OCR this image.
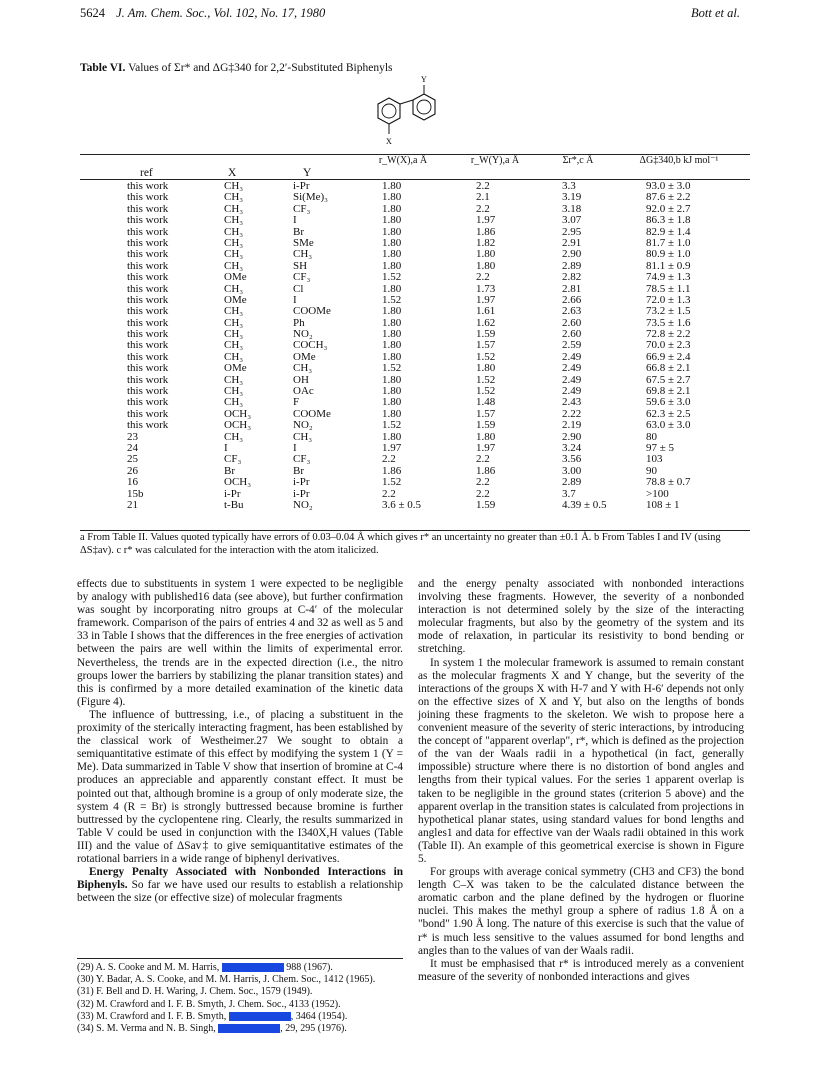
5624 J. Am. Chem. Soc., Vol. 102, No. 17, 1980	Bott et al.
Table VI. Values of Σr* and ΔG‡340 for 2,2′-Substituted Biphenyls
Y
X
ref	X	Y
r_W(X),a Å	r_W(Y),a Å	Σr*,c Å	ΔG‡340,b kJ mol⁻¹
this work	CH₃	i-Pr	1.80	2.2	3.3	93.0 ± 3.0
this work	CH₃	Si(Me)₃	1.80	2.1	3.19	87.6 ± 2.2
this work	CH₃	CF₃	1.80	2.2	3.18	92.0 ± 2.7
this work	CH₃	I	1.80	1.97	3.07	86.3 ± 1.8
this work	CH₃	Br	1.80	1.86	2.95	82.9 ± 1.4
this work	CH₃	SMe	1.80	1.82	2.91	81.7 ± 1.0
this work	CH₃	CH₃	1.80	1.80	2.90	80.9 ± 1.0
this work	CH₃	SH	1.80	1.80	2.89	81.1 ± 0.9
this work	OMe	CF₃	1.52	2.2	2.82	74.9 ± 1.3
this work	CH₃	Cl	1.80	1.73	2.81	78.5 ± 1.1
this work	OMe	I	1.52	1.97	2.66	72.0 ± 1.3
this work	CH₃	COOMe	1.80	1.61	2.63	73.2 ± 1.5
this work	CH₃	Ph	1.80	1.62	2.60	73.5 ± 1.6
this work	CH₃	NO₂	1.80	1.59	2.60	72.8 ± 2.2
this work	CH₃	COCH₃	1.80	1.57	2.59	70.0 ± 2.3
this work	CH₃	OMe	1.80	1.52	2.49	66.9 ± 2.4
this work	OMe	CH₃	1.52	1.80	2.49	66.8 ± 2.1
this work	CH₃	OH	1.80	1.52	2.49	67.5 ± 2.7
this work	CH₃	OAc	1.80	1.52	2.49	69.8 ± 2.1
this work	CH₃	F	1.80	1.48	2.43	59.6 ± 3.0
this work	OCH₃	COOMe	1.80	1.57	2.22	62.3 ± 2.5
this work	OCH₃	NO₂	1.52	1.59	2.19	63.0 ± 3.0
23	CH₃	CH₃	1.80	1.80	2.90	80
24	I	I	1.97	1.97	3.24	97 ± 5
25	CF₃	CF₃	2.2	2.2	3.56	103
26	Br	Br	1.86	1.86	3.00	90
16	OCH₃	i-Pr	1.52	2.2	2.89	78.8 ± 0.7
15b	i-Pr	i-Pr	2.2	2.2	3.7	>100
21	t-Bu	NO₂	3.6 ± 0.5	1.59	4.39 ± 0.5	108 ± 1
a From Table II. Values quoted typically have errors of 0.03–0.04 Å which gives r* an uncertainty no greater than ±0.1 Å. b From Tables I and IV (using ΔS‡av). c r* was calculated for the interaction with the atom italicized.

effects due to substituents in system 1 were expected to be negligible by analogy with published16 data (see above), but further confirmation was sought by incorporating nitro groups at C-4′ of the molecular framework. Comparison of the pairs of entries 4 and 32 as well as 5 and 33 in Table I shows that the differences in the free energies of activation between the pairs are well within the limits of experimental error. Nevertheless, the trends are in the expected direction (i.e., the nitro groups lower the barriers by stabilizing the planar transition states) and this is confirmed by a more detailed examination of the kinetic data (Figure 4).

The influence of buttressing, i.e., of placing a substituent in the proximity of the sterically interacting fragment, has been established by the classical work of Westheimer.27 We sought to obtain a semiquantitative estimate of this effect by modifying the system 1 (Y = Me). Data summarized in Table V show that insertion of bromine at C-4 produces an appreciable and apparently constant effect. It must be pointed out that, although bromine is a group of only moderate size, the system 4 (R = Br) is strongly buttressed because bromine is further buttressed by the cyclopentene ring. Clearly, the results summarized in Table V could be used in conjunction with the I340X,H values (Table III) and the value of ΔSav‡ to give semiquantitative estimates of the rotational barriers in a wide range of biphenyl derivatives.

Energy Penalty Associated with Nonbonded Interactions in Biphenyls. So far we have used our results to establish a relationship between the size (or effective size) of molecular fragments

(29) A. S. Cooke and M. M. Harris,	988 (1967).
(30) Y. Badar, A. S. Cooke, and M. M. Harris, J. Chem. Soc., 1412 (1965).
(31) F. Bell and D. H. Waring, J. Chem. Soc., 1579 (1949).
(32) M. Crawford and I. F. B. Smyth, J. Chem. Soc., 4133 (1952).
(33) M. Crawford and I. F. B. Smyth,	, 3464 (1954).
(34) S. M. Verma and N. B. Singh,	, 29, 295 (1976).

and the energy penalty associated with nonbonded interactions involving these fragments. However, the severity of a nonbonded interaction is not determined solely by the size of the interacting molecular fragments, but also by the geometry of the system and its mode of relaxation, in particular its resistivity to bond bending or stretching.

In system 1 the molecular framework is assumed to remain constant as the molecular fragments X and Y change, but the severity of the interactions of the groups X with H-7 and Y with H-6′ depends not only on the effective sizes of X and Y, but also on the lengths of bonds joining these fragments to the skeleton. We wish to propose here a convenient measure of the severity of steric interactions, by introducing the concept of "apparent overlap", r*, which is defined as the projection of the van der Waals radii in a hypothetical (in fact, generally impossible) structure where there is no distortion of bond angles and lengths from their typical values. For the series 1 apparent overlap is taken to be negligible in the ground states (criterion 5 above) and the apparent overlap in the transition states is calculated from projections in hypothetical planar states, using standard values for bond lengths and angles1 and data for effective van der Waals radii obtained in this work (Table II). An example of this geometrical exercise is shown in Figure 5.

For groups with average conical symmetry (CH3 and CF3) the bond length C–X was taken to be the calculated distance between the aromatic carbon and the plane defined by the hydrogen or fluorine nuclei. This makes the methyl group a sphere of radius 1.8 Å on a "bond" 1.90 Å long. The nature of this exercise is such that the value of r* is much less sensitive to the values assumed for bond lengths and angles than to the values of van der Waals radii.

It must be emphasised that r* is introduced merely as a convenient measure of the severity of nonbonded interactions and gives
